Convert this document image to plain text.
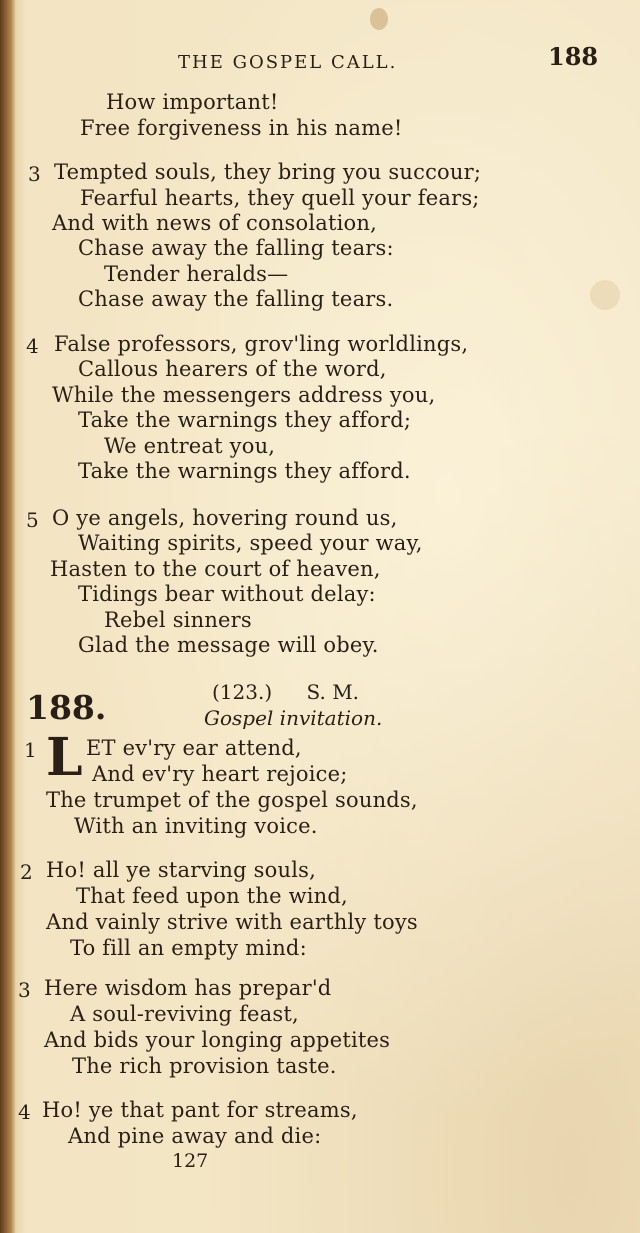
THE GOSPEL CALL.	188
How important!
Free forgiveness in his name!
3 Tempted souls, they bring you succour;
Fearful hearts, they quell your fears;
And with news of consolation,
Chase away the falling tears:
Tender heralds—
Chase away the falling tears.
4 False professors, grov'ling worldlings,
Callous hearers of the word,
While the messengers address you,
Take the warnings they afford;
We entreat you,
Take the warnings they afford.
5 O ye angels, hovering round us,
Waiting spirits, speed your way,
Hasten to the court of heaven,
Tidings bear without delay:
Rebel sinners
Glad the message will obey.
188.	(123.) S. M.
Gospel invitation.
1 L ET ev'ry ear attend,
And ev'ry heart rejoice;
The trumpet of the gospel sounds,
With an inviting voice.
2 Ho! all ye starving souls,
That feed upon the wind,
And vainly strive with earthly toys
To fill an empty mind:
3 Here wisdom has prepar'd
A soul-reviving feast,
And bids your longing appetites
The rich provision taste.
4 Ho! ye that pant for streams,
And pine away and die:
127
